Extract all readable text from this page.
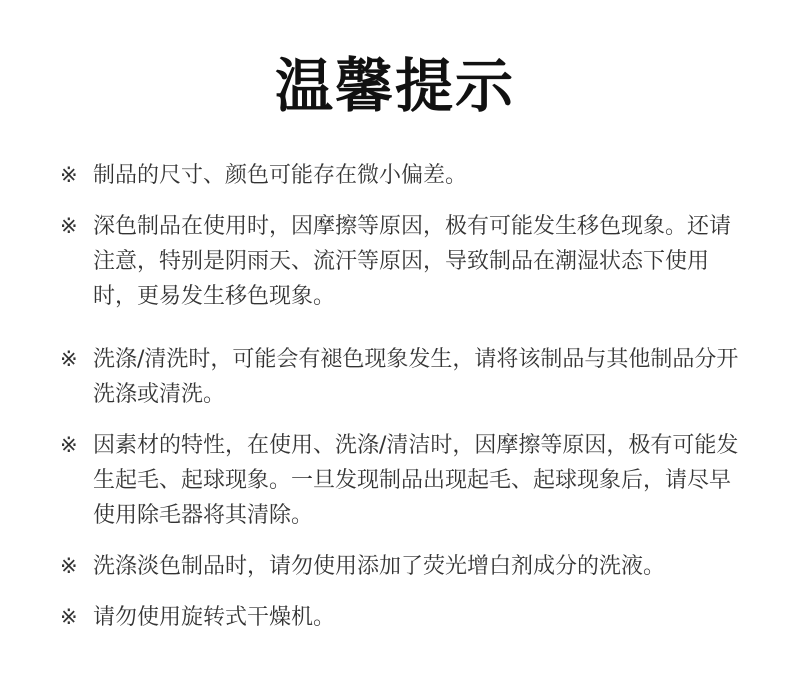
温馨提示
※ 制品的尺寸、颜色可能存在微小偏差。
※ 深色制品在使用时，因摩擦等原因，极有可能发生移色现象。还请注意，特别是阴雨天、流汗等原因，导致制品在潮湿状态下使用时，更易发生移色现象。
※ 洗涤/清洗时，可能会有褪色现象发生，请将该制品与其他制品分开洗涤或清洗。
※ 因素材的特性，在使用、洗涤/清洁时，因摩擦等原因，极有可能发生起毛、起球现象。一旦发现制品出现起毛、起球现象后，请尽早使用除毛器将其清除。
※ 洗涤淡色制品时，请勿使用添加了荧光增白剂成分的洗液。
※ 请勿使用旋转式干燥机。
